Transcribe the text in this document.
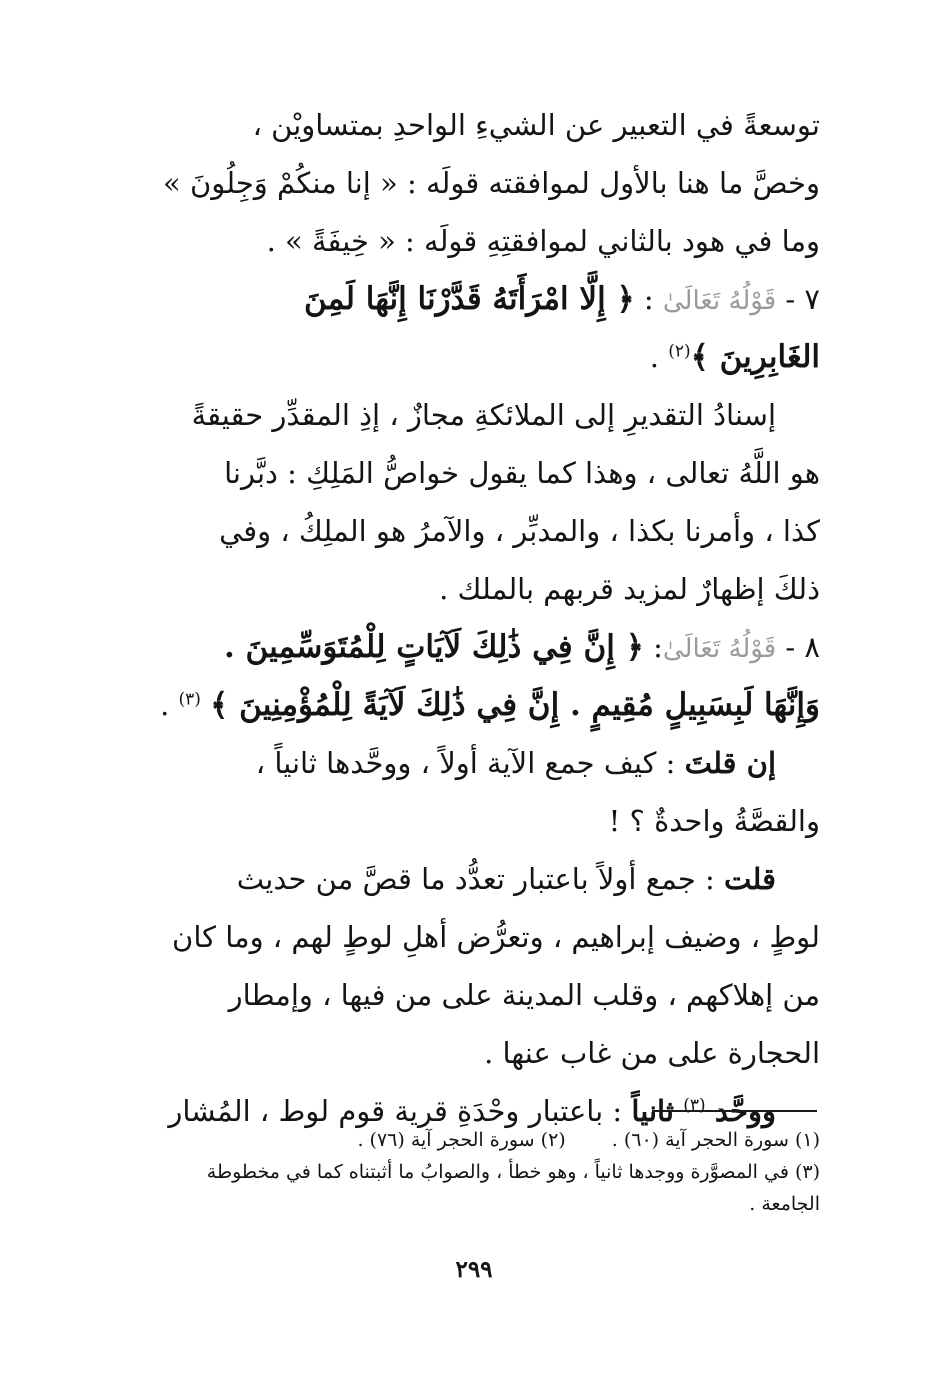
توسعةً في التعبير عن الشيءِ الواحدِ بمتساويْن ،
وخصَّ ما هنا بالأول لموافقته قولَه : « إنا منكُمْ وَجِلُونَ »
وما في هود بالثاني لموافقتِهِ قولَه : « خِيفَةً » .
٧ - قَوْلُهُ تَعَالَىٰ : ﴿ إِلَّا امْرَأَتَهُ قَدَّرْنَا إِنَّهَا لَمِنَ
الغَابِرِينَ ﴾$^{(٢)}$ .
إسنادُ التقديرِ إلى الملائكةِ مجازٌ ، إذِ المقدِّر حقيقةً
هو اللَّهُ تعالى ، وهذا كما يقول خواصُّ المَلِكِ : دبَّرنا
كذا ، وأمرنا بكذا ، والمدبِّر ، والآمرُ هو الملِكُ ، وفي
ذلكَ إظهارٌ لمزيد قربهم بالملك .
٨ - قَوْلُهُ تَعَالَىٰ: ﴿ إِنَّ فِي ذَٰلِكَ لَآيَاتٍ لِلْمُتَوَسِّمِينَ .
وَإِنَّهَا لَبِسَبِيلٍ مُقِيمٍ . إِنَّ فِي ذَٰلِكَ لَآيَةً لِلْمُؤْمِنِينَ ﴾ $^{(٣)}$ .
إن قلتَ : كيف جمع الآية أولاً ، ووحَّدها ثانياً ،
والقصَّةُ واحدةٌ ؟ !
قلت : جمع أولاً باعتبار تعدُّد ما قصَّ من حديث
لوطٍ ، وضيف إبراهيم ، وتعرُّض أهلِ لوطٍ لهم ، وما كان
من إهلاكهم ، وقلب المدينة على من فيها ، وإمطار
الحجارة على من غاب عنها .
ووحَّد $^{(٣)}$ ثانياً : باعتبار وحْدَةِ قرية قوم لوط ، المُشار
(١) سورة الحجر آية (٦٠) . (٢) سورة الحجر آية (٧٦) .
(٣) في المصوَّرة ووجدها ثانياً ، وهو خطأ ، والصوابُ ما أثبتناه كما في مخطوطة
الجامعة .
٢٩٩
